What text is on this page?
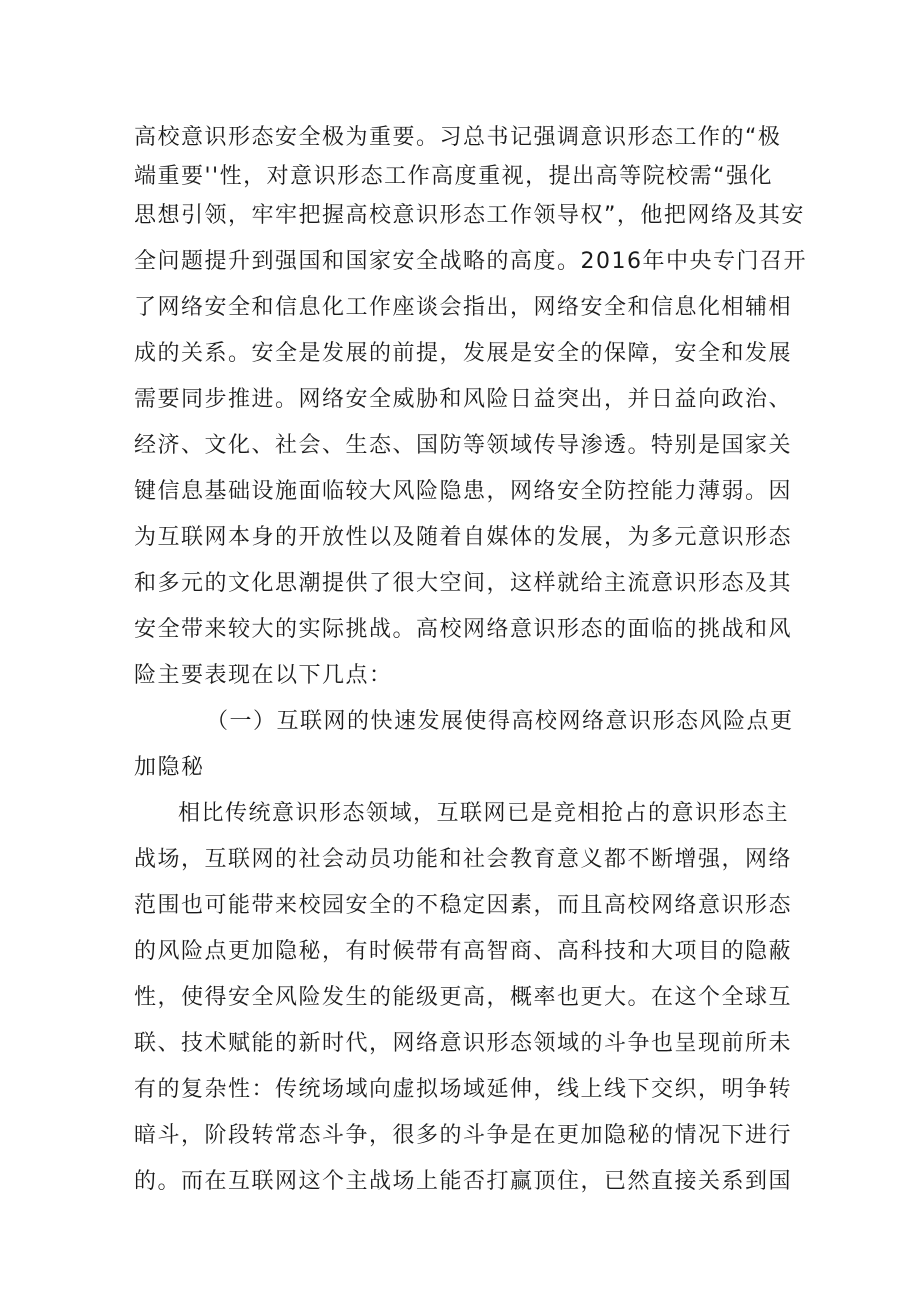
高校意识形态安全极为重要。习总书记强调意识形态工作的“极
端重要''性，对意识形态工作高度重视，提出高等院校需“强化
思想引领，牢牢把握高校意识形态工作领导权”，他把网络及其安
全问题提升到强国和国家安全战略的高度。2016年中央专门召开
了网络安全和信息化工作座谈会指出，网络安全和信息化相辅相
成的关系。安全是发展的前提，发展是安全的保障，安全和发展
需要同步推进。网络安全威胁和风险日益突出，并日益向政治、
经济、文化、社会、生态、国防等领域传导渗透。特别是国家关
键信息基础设施面临较大风险隐患，网络安全防控能力薄弱。因
为互联网本身的开放性以及随着自媒体的发展，为多元意识形态
和多元的文化思潮提供了很大空间，这样就给主流意识形态及其
安全带来较大的实际挑战。高校网络意识形态的面临的挑战和风
险主要表现在以下几点：
（一）互联网的快速发展使得高校网络意识形态风险点更
加隐秘
相比传统意识形态领域，互联网已是竞相抢占的意识形态主
战场，互联网的社会动员功能和社会教育意义都不断增强，网络
范围也可能带来校园安全的不稳定因素，而且高校网络意识形态
的风险点更加隐秘，有时候带有高智商、高科技和大项目的隐蔽
性，使得安全风险发生的能级更高，概率也更大。在这个全球互
联、技术赋能的新时代，网络意识形态领域的斗争也呈现前所未
有的复杂性：传统场域向虚拟场域延伸，线上线下交织，明争转
暗斗，阶段转常态斗争，很多的斗争是在更加隐秘的情况下进行
的。而在互联网这个主战场上能否打赢顶住，已然直接关系到国
